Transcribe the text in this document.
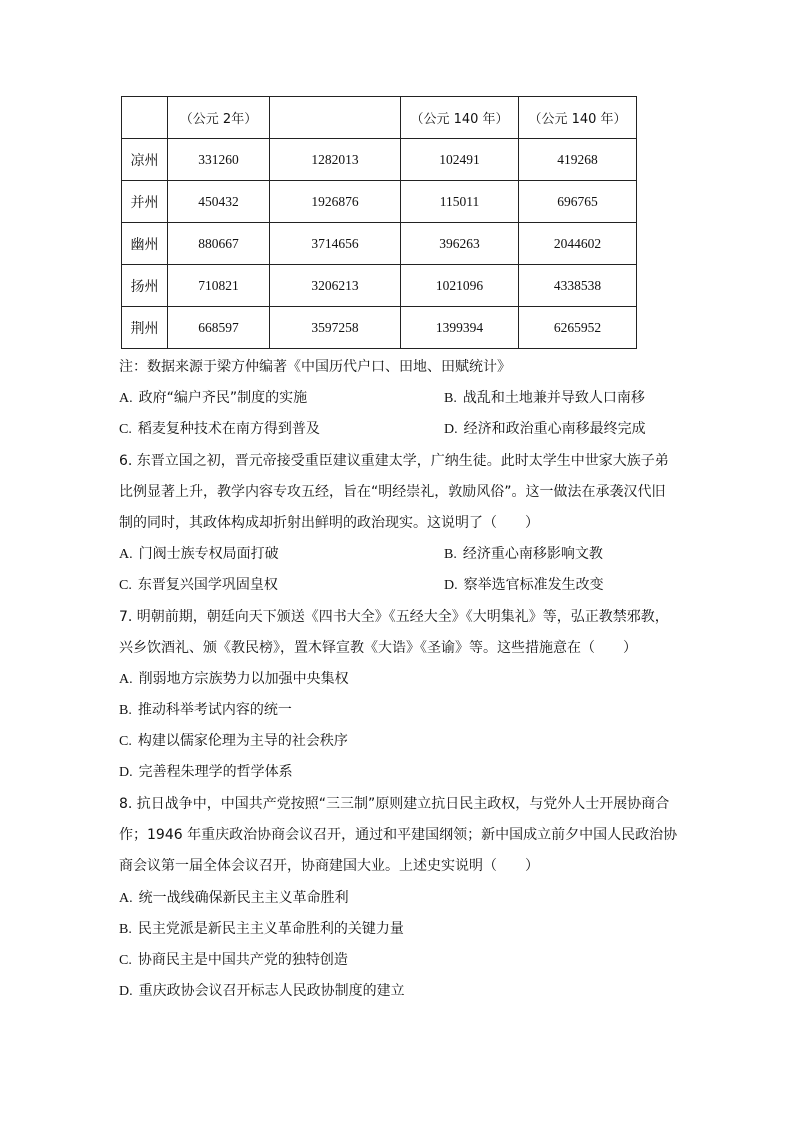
	（公元 2年）		（公元 140 年）	（公元 140 年）
凉州	331260	1282013	102491	419268
并州	450432	1926876	115011	696765
幽州	880667	3714656	396263	2044602
扬州	710821	3206213	1021096	4338538
荆州	668597	3597258	1399394	6265952
注：数据来源于梁方仲编著《中国历代户口、田地、田赋统计》
A. 政府“编户齐民”制度的实施	B. 战乱和土地兼并导致人口南移
C. 稻麦复种技术在南方得到普及	D. 经济和政治重心南移最终完成
6. 东晋立国之初，晋元帝接受重臣建议重建太学，广纳生徒。此时太学生中世家大族子弟
比例显著上升，教学内容专攻五经，旨在“明经崇礼，敦励风俗”。这一做法在承袭汉代旧
制的同时，其政体构成却折射出鲜明的政治现实。这说明了（　　）
A. 门阀士族专权局面打破	B. 经济重心南移影响文教
C. 东晋复兴国学巩固皇权	D. 察举选官标准发生改变
7. 明朝前期，朝廷向天下颁送《四书大全》《五经大全》《大明集礼》等，弘正教禁邪教，
兴乡饮酒礼、颁《教民榜》，置木铎宣教《大诰》《圣谕》等。这些措施意在（　　）
A. 削弱地方宗族势力以加强中央集权
B. 推动科举考试内容的统一
C. 构建以儒家伦理为主导的社会秩序
D. 完善程朱理学的哲学体系
8. 抗日战争中，中国共产党按照“三三制”原则建立抗日民主政权，与党外人士开展协商合
作；1946 年重庆政治协商会议召开，通过和平建国纲领；新中国成立前夕中国人民政治协
商会议第一届全体会议召开，协商建国大业。上述史实说明（　　）
A. 统一战线确保新民主主义革命胜利
B. 民主党派是新民主主义革命胜利的关键力量
C. 协商民主是中国共产党的独特创造
D. 重庆政协会议召开标志人民政协制度的建立
